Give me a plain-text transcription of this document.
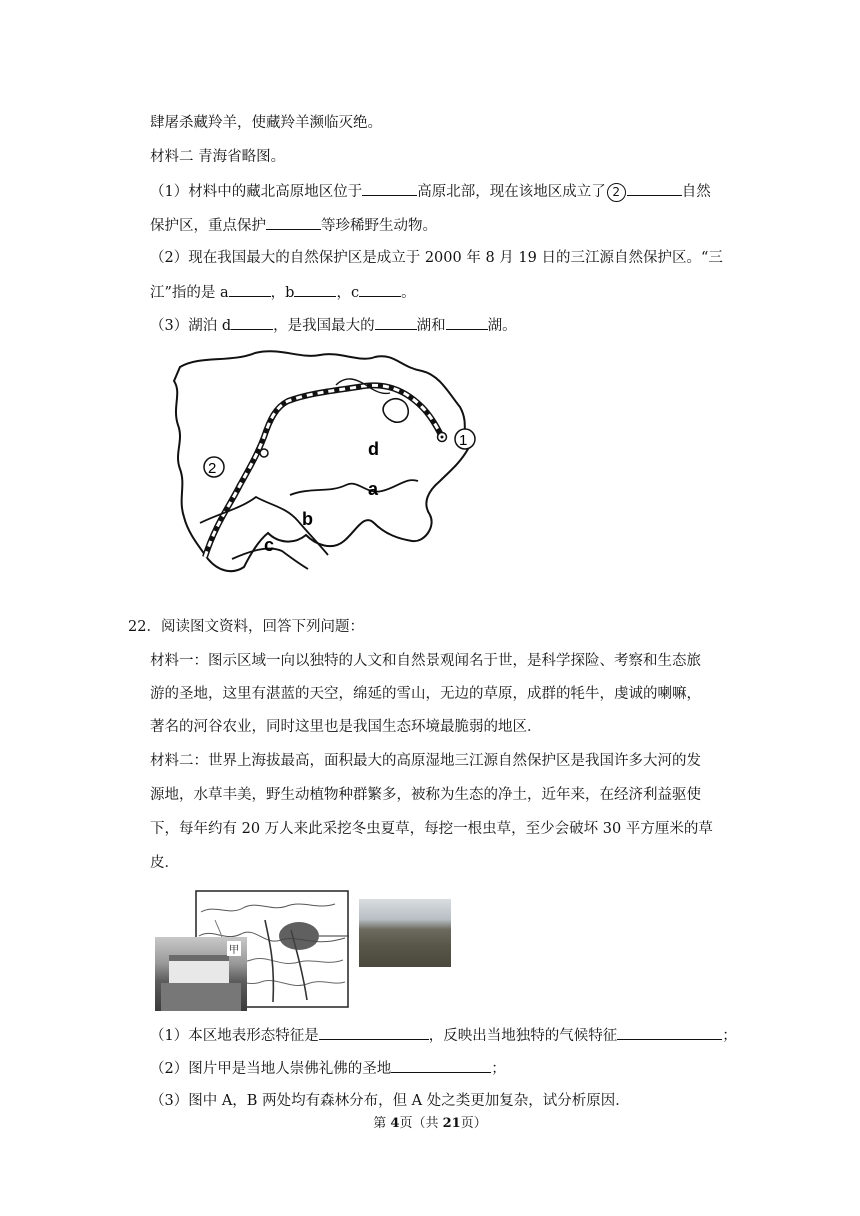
肆屠杀藏羚羊，使藏羚羊濒临灭绝。
材料二 青海省略图。
（1）材料中的藏北高原地区位于	高原北部，现在该地区成立了 2	自然
保护区，重点保护	等珍稀野生动物。
（2）现在我国最大的自然保护区是成立于 2000 年 8 月 19 日的三江源自然保护区。“三
江”指的是 a	，b	，c	。
（3）湖泊 d	，是我国最大的	湖和	湖。
d
a
b
c
1
2
22．阅读图文资料，回答下列问题：
材料一：图示区域一向以独特的人文和自然景观闻名于世，是科学探险、考察和生态旅
游的圣地，这里有湛蓝的天空，绵延的雪山，无边的草原，成群的牦牛，虔诚的喇嘛，
著名的河谷农业，同时这里也是我国生态环境最脆弱的地区．
材料二：世界上海拔最高，面积最大的高原湿地三江源自然保护区是我国许多大河的发
源地，水草丰美，野生动植物种群繁多，被称为生态的净土，近年来，在经济利益驱使
下，每年约有 20 万人来此采挖冬虫夏草，每挖一根虫草，至少会破坏 30 平方厘米的草
皮．
甲
（1）本区地表形态特征是	，反映出当地独特的气候特征	；
（2）图片甲是当地人崇佛礼佛的圣地	；
（3）图中 A，B 两处均有森林分布，但 A 处之类更加复杂，试分析原因．
第 4页（共 21页）
